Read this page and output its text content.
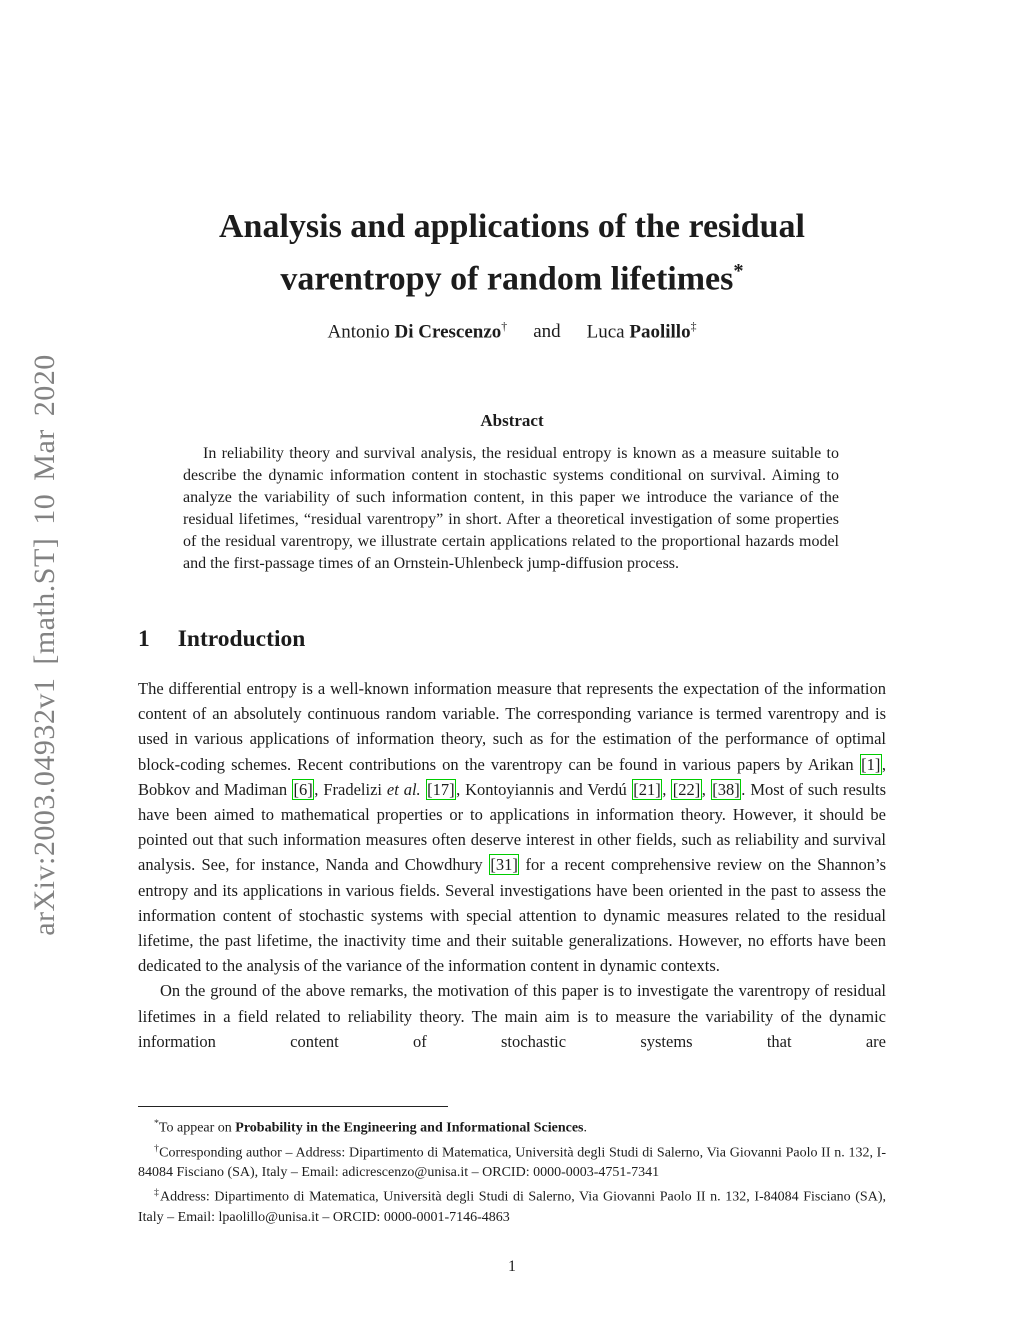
arXiv:2003.04932v1 [math.ST] 10 Mar 2020
Analysis and applications of the residual
varentropy of random lifetimes*
Antonio Di Crescenzo† and Luca Paolillo‡
Abstract
In reliability theory and survival analysis, the residual entropy is known as a measure suitable to describe the dynamic information content in stochastic systems conditional on survival. Aiming to analyze the variability of such information content, in this paper we introduce the variance of the residual lifetimes, “residual varentropy” in short. After a theoretical investigation of some properties of the residual varentropy, we illustrate certain applications related to the proportional hazards model and the first-passage times of an Ornstein-Uhlenbeck jump-diffusion process.
1 Introduction

The differential entropy is a well-known information measure that represents the expectation of the information content of an absolutely continuous random variable. The corresponding variance is termed varentropy and is used in various applications of information theory, such as for the estimation of the performance of optimal block-coding schemes. Recent contributions on the varentropy can be found in various papers by Arikan [1], Bobkov and Madiman [6], Fradelizi et al. [17], Kontoyiannis and Verdú [21], [22], [38]. Most of such results have been aimed to mathematical properties or to applications in information theory. However, it should be pointed out that such information measures often deserve interest in other fields, such as reliability and survival analysis. See, for instance, Nanda and Chowdhury [31] for a recent comprehensive review on the Shannon’s entropy and its applications in various fields. Several investigations have been oriented in the past to assess the information content of stochastic systems with special attention to dynamic measures related to the residual lifetime, the past lifetime, the inactivity time and their suitable generalizations. However, no efforts have been dedicated to the analysis of the variance of the information content in dynamic contexts.

On the ground of the above remarks, the motivation of this paper is to investigate the varentropy of residual lifetimes in a field related to reliability theory. The main aim is to measure the variability of the dynamic information content of stochastic systems that are

*To appear on Probability in the Engineering and Informational Sciences.

†Corresponding author – Address: Dipartimento di Matematica, Università degli Studi di Salerno, Via Giovanni Paolo II n. 132, I-84084 Fisciano (SA), Italy – Email: adicrescenzo@unisa.it – ORCID: 0000-0003-4751-7341

‡Address: Dipartimento di Matematica, Università degli Studi di Salerno, Via Giovanni Paolo II n. 132, I-84084 Fisciano (SA), Italy – Email: lpaolillo@unisa.it – ORCID: 0000-0001-7146-4863

1
